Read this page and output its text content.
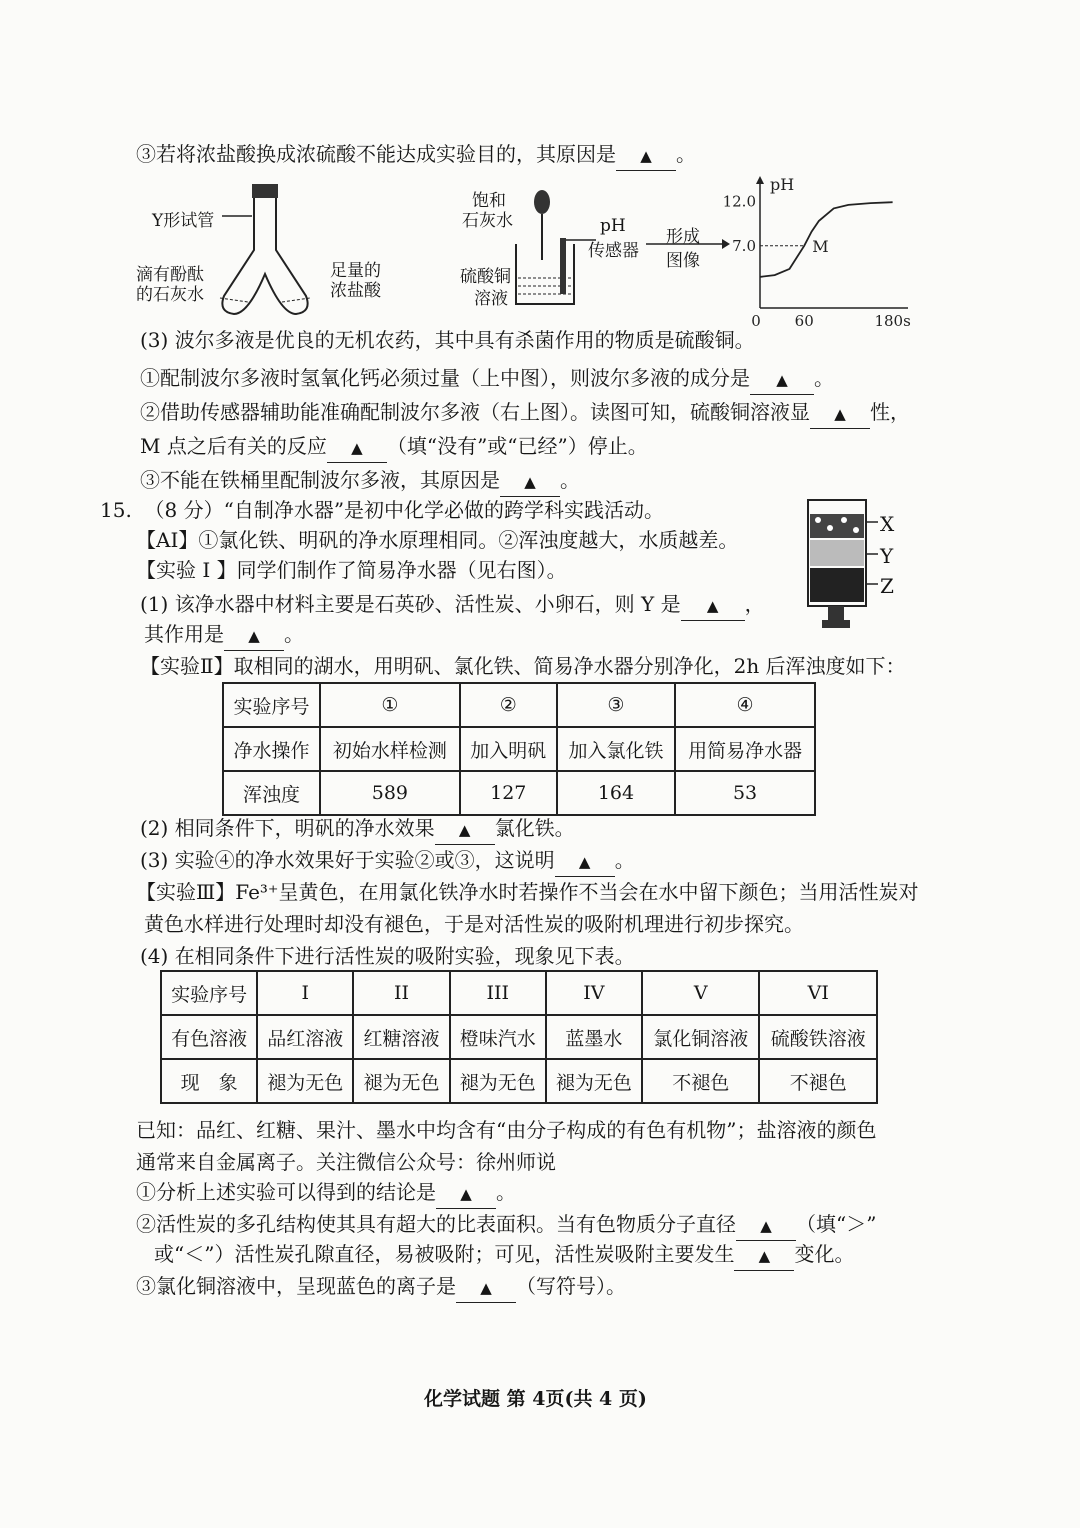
③若将浓盐酸换成浓硫酸不能达成实验目的，其原因是 ▲ 。
Y形试管
滴有酚酞
的石灰水
足量的
浓盐酸
饱和
石灰水	pH
传感器
硫酸铜
溶液
形成
图像
pH
7.0
12.0
0 60	180s
M
(3) 波尔多液是优良的无机农药，其中具有杀菌作用的物质是硫酸铜。
①配制波尔多液时氢氧化钙必须过量（上中图），则波尔多液的成分是 ▲ 。
②借助传感器辅助能准确配制波尔多液（右上图）。读图可知，硫酸铜溶液显 ▲ 性，
M 点之后有关的反应 ▲ （填“没有”或“已经”）停止。
③不能在铁桶里配制波尔多液，其原因是 ▲ 。
15. （8 分）“自制净水器”是初中化学必做的跨学科实践活动。
【AI】①氯化铁、明矾的净水原理相同。②浑浊度越大，水质越差。
【实验 I 】同学们制作了简易净水器（见右图）。
(1) 该净水器中材料主要是石英砂、活性炭、小卵石，则 Y 是 ▲ ，
其作用是 ▲ 。
X
Y
Z
【实验Ⅱ】取相同的湖水，用明矾、氯化铁、简易净水器分别净化，2h 后浑浊度如下：
实验序号	①	②	③	④
净水操作	初始水样检测	加入明矾	加入氯化铁	用简易净水器
浑浊度	589	127	164	53
(2) 相同条件下，明矾的净水效果 ▲ 氯化铁。
(3) 实验④的净水效果好于实验②或③，这说明 ▲ 。
【实验Ⅲ】Fe³⁺呈黄色，在用氯化铁净水时若操作不当会在水中留下颜色；当用活性炭对
黄色水样进行处理时却没有褪色，于是对活性炭的吸附机理进行初步探究。
(4) 在相同条件下进行活性炭的吸附实验，现象见下表。
实验序号	I	II	III	IV	V	VI
有色溶液	品红溶液	红糖溶液	橙味汽水	蓝墨水	氯化铜溶液	硫酸铁溶液
现　象	褪为无色	褪为无色	褪为无色	褪为无色	不褪色	不褪色
已知：品红、红糖、果汁、墨水中均含有“由分子构成的有色有机物”；盐溶液的颜色
通常来自金属离子。关注微信公众号：徐州师说
①分析上述实验可以得到的结论是 ▲ 。
②活性炭的多孔结构使其具有超大的比表面积。当有色物质分子直径 ▲ （填“＞”
或“＜”）活性炭孔隙直径，易被吸附；可见，活性炭吸附主要发生 ▲ 变化。
③氯化铜溶液中，呈现蓝色的离子是 ▲ （写符号）。
化学试题 第 4页(共 4 页)
